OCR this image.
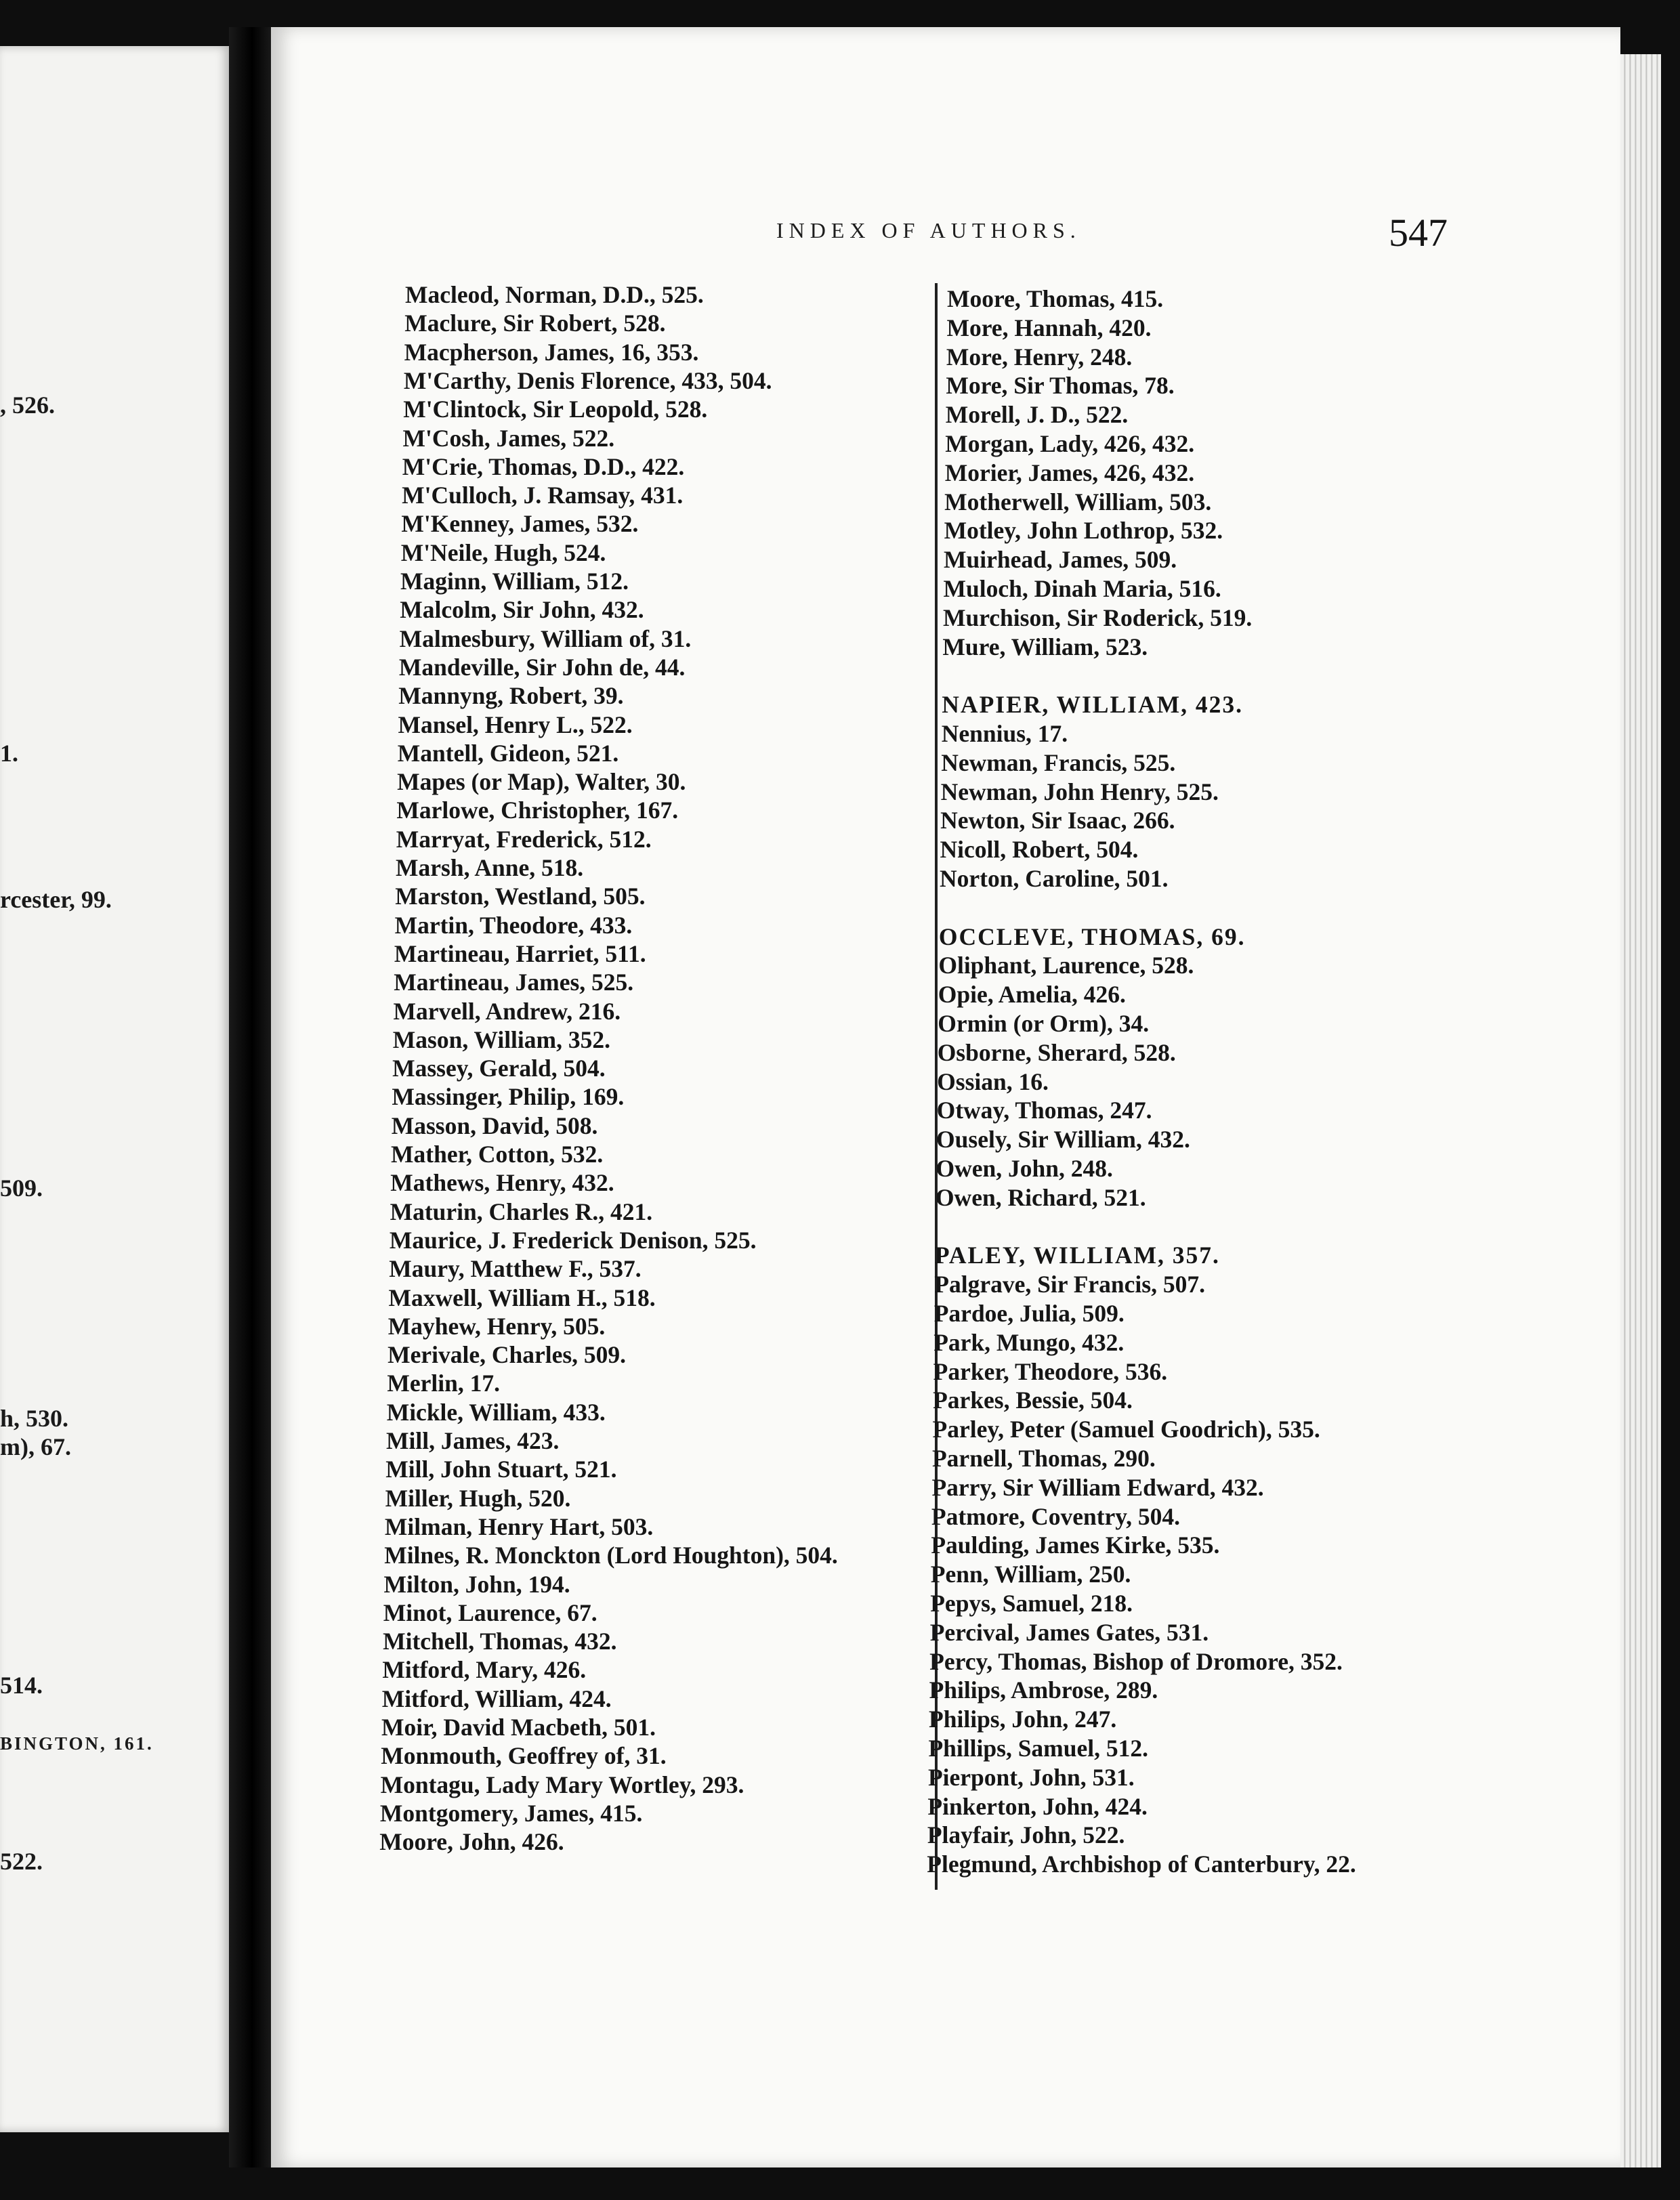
, 526.

1.

rcester, 99.

509.

h, 530.

m), 67.

514.

BINGTON, 161.

522.

INDEX OF AUTHORS.	547

Macleod, Norman, D.D., 525.
Maclure, Sir Robert, 528.
Macpherson, James, 16, 353.
M'Carthy, Denis Florence, 433, 504.
M'Clintock, Sir Leopold, 528.
M'Cosh, James, 522.
M'Crie, Thomas, D.D., 422.
M'Culloch, J. Ramsay, 431.
M'Kenney, James, 532.
M'Neile, Hugh, 524.
Maginn, William, 512.
Malcolm, Sir John, 432.
Malmesbury, William of, 31.
Mandeville, Sir John de, 44.
Mannyng, Robert, 39.
Mansel, Henry L., 522.
Mantell, Gideon, 521.
Mapes (or Map), Walter, 30.
Marlowe, Christopher, 167.
Marryat, Frederick, 512.
Marsh, Anne, 518.
Marston, Westland, 505.
Martin, Theodore, 433.
Martineau, Harriet, 511.
Martineau, James, 525.
Marvell, Andrew, 216.
Mason, William, 352.
Massey, Gerald, 504.
Massinger, Philip, 169.
Masson, David, 508.
Mather, Cotton, 532.
Mathews, Henry, 432.
Maturin, Charles R., 421.
Maurice, J. Frederick Denison, 525.
Maury, Matthew F., 537.
Maxwell, William H., 518.
Mayhew, Henry, 505.
Merivale, Charles, 509.
Merlin, 17.
Mickle, William, 433.
Mill, James, 423.
Mill, John Stuart, 521.
Miller, Hugh, 520.
Milman, Henry Hart, 503.
Milnes, R. Monckton (Lord Houghton), 504.
Milton, John, 194.
Minot, Laurence, 67.
Mitchell, Thomas, 432.
Mitford, Mary, 426.
Mitford, William, 424.
Moir, David Macbeth, 501.
Monmouth, Geoffrey of, 31.
Montagu, Lady Mary Wortley, 293.
Montgomery, James, 415.
Moore, John, 426.
Moore, Thomas, 415.
More, Hannah, 420.
More, Henry, 248.
More, Sir Thomas, 78.
Morell, J. D., 522.
Morgan, Lady, 426, 432.
Morier, James, 426, 432.
Motherwell, William, 503.
Motley, John Lothrop, 532.
Muirhead, James, 509.
Muloch, Dinah Maria, 516.
Murchison, Sir Roderick, 519.
Mure, William, 523.
NAPIER, WILLIAM, 423.
Nennius, 17.
Newman, Francis, 525.
Newman, John Henry, 525.
Newton, Sir Isaac, 266.
Nicoll, Robert, 504.
Norton, Caroline, 501.
OCCLEVE, THOMAS, 69.
Oliphant, Laurence, 528.
Opie, Amelia, 426.
Ormin (or Orm), 34.
Osborne, Sherard, 528.
Ossian, 16.
Otway, Thomas, 247.
Ousely, Sir William, 432.
Owen, John, 248.
Owen, Richard, 521.
PALEY, WILLIAM, 357.
Palgrave, Sir Francis, 507.
Pardoe, Julia, 509.
Park, Mungo, 432.
Parker, Theodore, 536.
Parkes, Bessie, 504.
Parley, Peter (Samuel Goodrich), 535.
Parnell, Thomas, 290.
Parry, Sir William Edward, 432.
Patmore, Coventry, 504.
Paulding, James Kirke, 535.
Penn, William, 250.
Pepys, Samuel, 218.
Percival, James Gates, 531.
Percy, Thomas, Bishop of Dromore, 352.
Philips, Ambrose, 289.
Philips, John, 247.
Phillips, Samuel, 512.
Pierpont, John, 531.
Pinkerton, John, 424.
Playfair, John, 522.
Plegmund, Archbishop of Canterbury, 22.
